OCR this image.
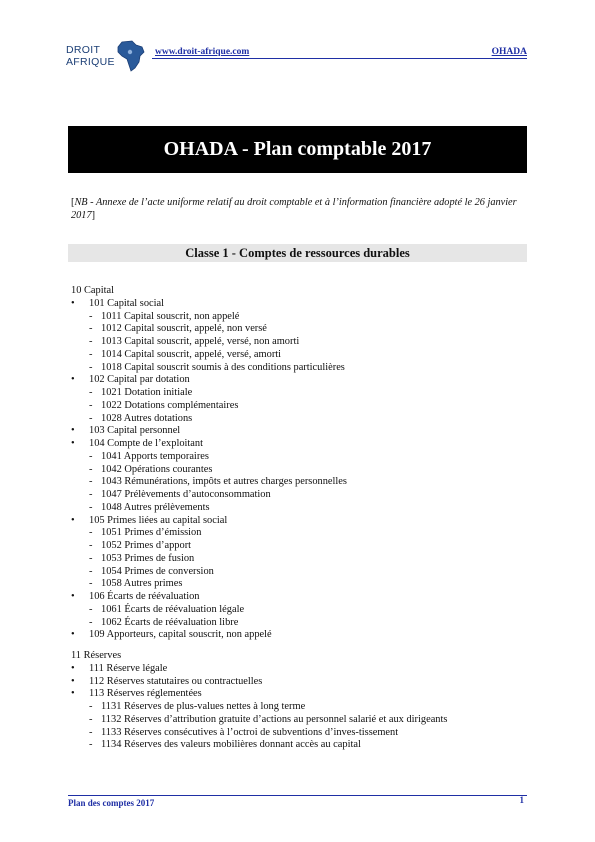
DROIT
AFRIQUE
www.droit-afrique.com	OHADA
OHADA - Plan comptable 2017
[NB - Annexe de l’acte uniforme relatif au droit comptable et à l’information financière adopté le 26 janvier 2017]
Classe 1 - Comptes de ressources durables
10 Capital
• 101 Capital social
- 1011 Capital souscrit, non appelé
- 1012 Capital souscrit, appelé, non versé
- 1013 Capital souscrit, appelé, versé, non amorti
- 1014 Capital souscrit, appelé, versé, amorti
- 1018 Capital souscrit soumis à des conditions particulières
• 102 Capital par dotation
- 1021 Dotation initiale
- 1022 Dotations complémentaires
- 1028 Autres dotations
• 103 Capital personnel
• 104 Compte de l’exploitant
- 1041 Apports temporaires
- 1042 Opérations courantes
- 1043 Rémunérations, impôts et autres charges personnelles
- 1047 Prélèvements d’autoconsommation
- 1048 Autres prélèvements
• 105 Primes liées au capital social
- 1051 Primes d’émission
- 1052 Primes d’apport
- 1053 Primes de fusion
- 1054 Primes de conversion
- 1058 Autres primes
• 106 Écarts de réévaluation
- 1061 Écarts de réévaluation légale
- 1062 Écarts de réévaluation libre
• 109 Apporteurs, capital souscrit, non appelé
11 Réserves
• 111 Réserve légale
• 112 Réserves statutaires ou contractuelles
• 113 Réserves réglementées
- 1131 Réserves de plus-values nettes à long terme
- 1132 Réserves d’attribution gratuite d’actions au personnel salarié et aux dirigeants
- 1133 Réserves consécutives à l’octroi de subventions d’inves-tissement
- 1134 Réserves des valeurs mobilières donnant accès au capital
Plan des comptes 2017	1
